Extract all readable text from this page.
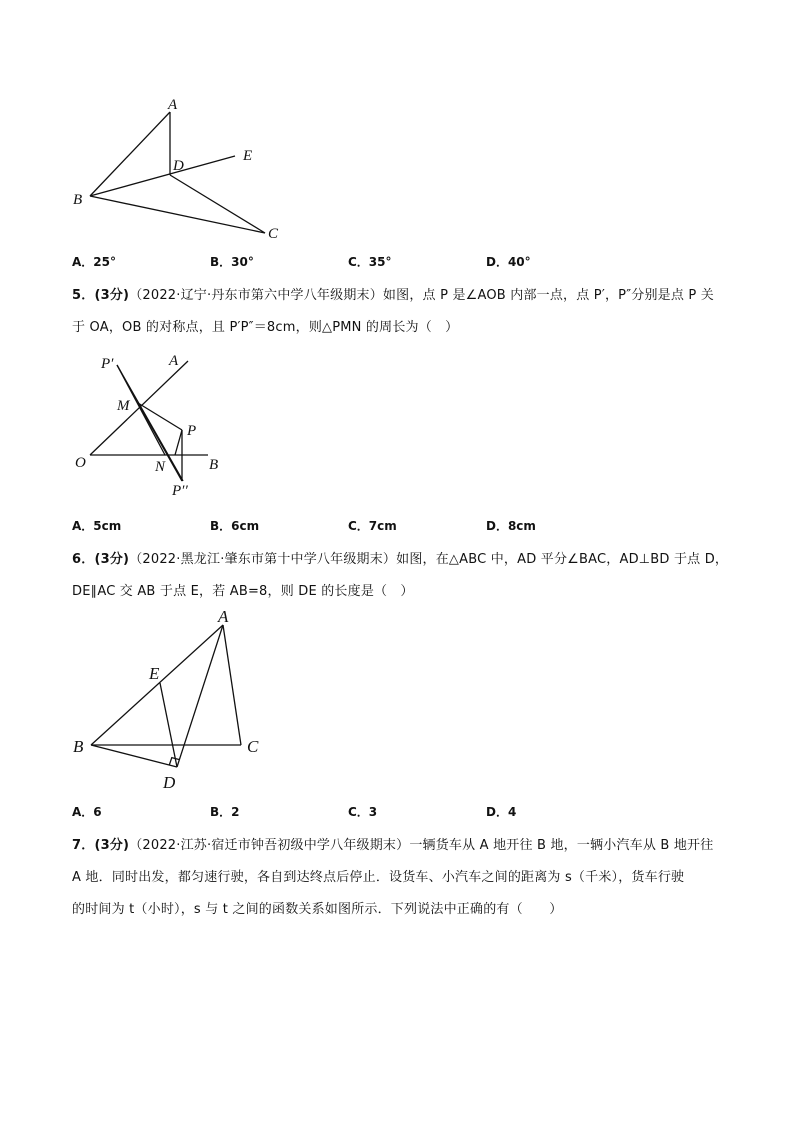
A
D
E
B
C
A．25°	B．30°	C．35°	D．40°
5．(3分)（2022·辽宁·丹东市第六中学八年级期末）如图，点 P 是∠AOB 内部一点，点 P′，P″分别是点 P 关
于 OA，OB 的对称点，且 P′P″＝8cm，则△PMN 的周长为（　）
P′	A
M
P
O	N	B
P′′
A．5cm	B．6cm	C．7cm	D．8cm
6．(3分)（2022·黑龙江·肇东市第十中学八年级期末）如图，在△ABC 中，AD 平分∠BAC，AD⊥BD 于点 D，
DE∥AC 交 AB 于点 E，若 AB=8，则 DE 的长度是（　）
A
E
B	C
D
A．6	B．2	C．3	D．4
7．(3分)（2022·江苏·宿迁市钟吾初级中学八年级期末）一辆货车从 A 地开往 B 地，一辆小汽车从 B 地开往
A 地．同时出发，都匀速行驶，各自到达终点后停止．设货车、小汽车之间的距离为 s（千米），货车行驶
的时间为 t（小时），s 与 t 之间的函数关系如图所示．下列说法中正确的有（　　）
